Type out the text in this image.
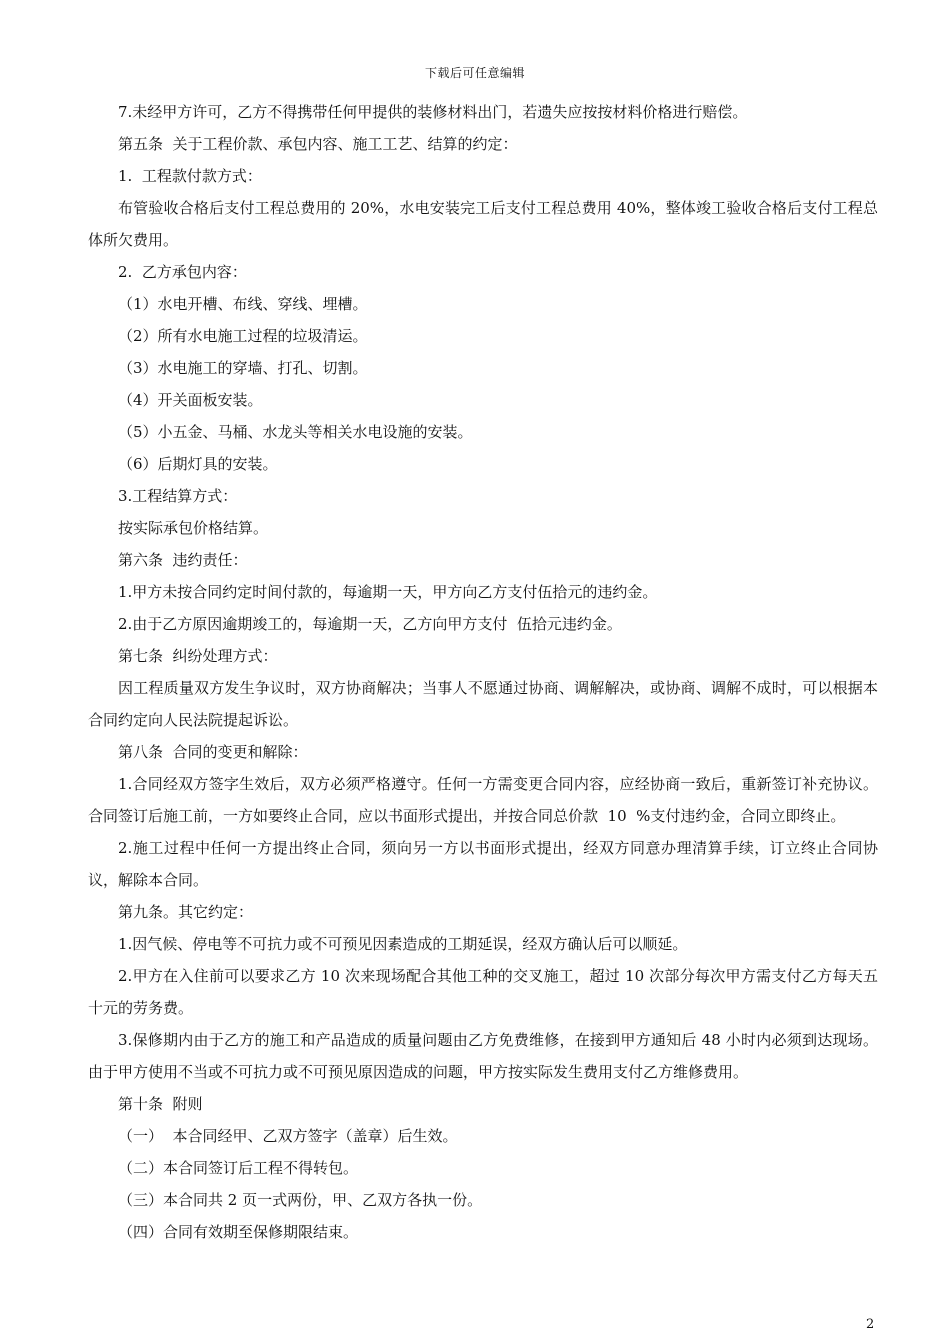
下载后可任意编辑

7.未经甲方许可，乙方不得携带任何甲提供的装修材料出门，若遗失应按按材料价格进行赔偿。

第五条  关于工程价款、承包内容、施工工艺、结算的约定：

1.  工程款付款方式：

布管验收合格后支付工程总费用的 20%，水电安装完工后支付工程总费用 40%，整体竣工验收合格后支付工程总体所欠费用。

2.  乙方承包内容：

（1）水电开槽、布线、穿线、埋槽。

（2）所有水电施工过程的垃圾清运。

（3）水电施工的穿墙、打孔、切割。

（4）开关面板安装。

（5）小五金、马桶、水龙头等相关水电设施的安装。

（6）后期灯具的安装。

3.工程结算方式：

按实际承包价格结算。

第六条  违约责任：

1.甲方未按合同约定时间付款的，每逾期一天，甲方向乙方支付伍拾元的违约金。

2.由于乙方原因逾期竣工的，每逾期一天，乙方向甲方支付  伍拾元违约金。

第七条  纠纷处理方式：

因工程质量双方发生争议时，双方协商解决；当事人不愿通过协商、调解解决，或协商、调解不成时，可以根据本合同约定向人民法院提起诉讼。

第八条  合同的变更和解除：

1.合同经双方签字生效后，双方必须严格遵守。任何一方需变更合同内容，应经协商一致后，重新签订补充协议。合同签订后施工前，一方如要终止合同，应以书面形式提出，并按合同总价款  10  %支付违约金，合同立即终止。

2.施工过程中任何一方提出终止合同，须向另一方以书面形式提出，经双方同意办理清算手续，订立终止合同协议，解除本合同。

第九条。其它约定：

1.因气候、停电等不可抗力或不可预见因素造成的工期延误，经双方确认后可以顺延。

2.甲方在入住前可以要求乙方 10 次来现场配合其他工种的交叉施工，超过 10 次部分每次甲方需支付乙方每天五十元的劳务费。

3.保修期内由于乙方的施工和产品造成的质量问题由乙方免费维修，在接到甲方通知后 48 小时内必须到达现场。由于甲方使用不当或不可抗力或不可预见原因造成的问题，甲方按实际发生费用支付乙方维修费用。

第十条  附则

（一）  本合同经甲、乙双方签字（盖章）后生效。

（二）本合同签订后工程不得转包。

（三）本合同共 2 页一式两份，甲、乙双方各执一份。

（四）合同有效期至保修期限结束。

2
